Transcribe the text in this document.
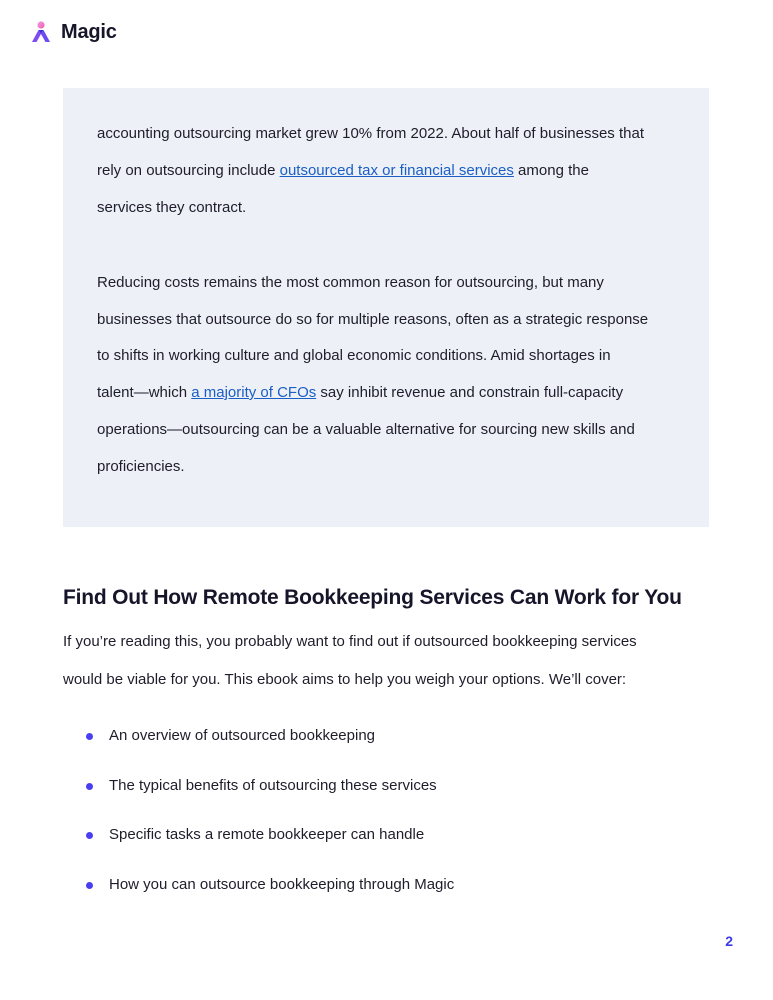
Magic
accounting outsourcing market grew 10% from 2022. About half of businesses that
rely on outsourcing include outsourced tax or financial services among the
services they contract.
Reducing costs remains the most common reason for outsourcing, but many
businesses that outsource do so for multiple reasons, often as a strategic response
to shifts in working culture and global economic conditions. Amid shortages in
talent—which a majority of CFOs say inhibit revenue and constrain full-capacity
operations—outsourcing can be a valuable alternative for sourcing new skills and
proficiencies.
Find Out How Remote Bookkeeping Services Can Work for You
If you’re reading this, you probably want to find out if outsourced bookkeeping services
would be viable for you. This ebook aims to help you weigh your options. We’ll cover:
An overview of outsourced bookkeeping
The typical benefits of outsourcing these services
Specific tasks a remote bookkeeper can handle
How you can outsource bookkeeping through Magic
2
